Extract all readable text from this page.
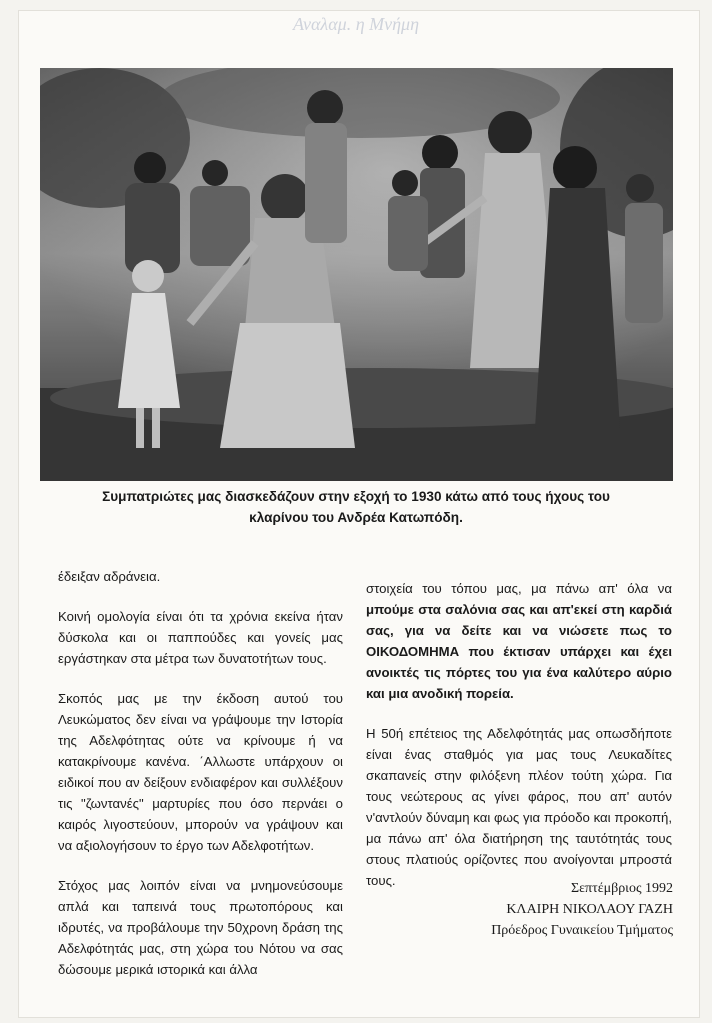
Αναλαμ. η Μνήμη
Συμπατριώτες μας διασκεδάζουν στην εξοχή το 1930 κάτω από τους ήχους του
κλαρίνου του Ανδρέα Κατωπόδη.

έδειξαν αδράνεια.

Κοινή ομολογία είναι ότι τα χρόνια εκείνα ήταν δύσκολα και οι παππούδες και γονείς μας εργάστηκαν στα μέτρα των δυνατοτήτων τους.

Σκοπός μας με την έκδοση αυτού του Λευκώματος δεν είναι να γράψουμε την Ιστορία της Αδελφότητας ούτε να κρίνουμε ή να κατακρίνουμε κανένα. ΄Αλλωστε υπάρχουν οι ειδικοί που αν δείξουν ενδιαφέρον και συλλέξουν τις "ζωντανές" μαρτυρίες που όσο περνάει ο καιρός λιγοστεύουν, μπορούν να γράψουν και να αξιολογήσουν το έργο των Αδελφοτήτων.

Στόχος μας λοιπόν είναι να μνημονεύσουμε απλά και ταπεινά τους πρωτοπόρους και ιδρυτές, να προβάλουμε την 50χρονη δράση της Αδελφότητάς μας, στη χώρα του Νότου να σας δώσουμε μερικά ιστορικά και άλλα

στοιχεία του τόπου μας, μα πάνω απ' όλα να μπούμε στα σαλόνια σας και απ'εκεί στη καρδιά σας, για να δείτε και να νιώσετε πως το ΟΙΚΟΔΟΜΗΜΑ που έκτισαν υπάρχει και έχει ανοικτές τις πόρτες του για ένα καλύτερο αύριο και μια ανοδική πορεία.

Η 50ή επέτειος της Αδελφότητάς μας οπωσδήποτε είναι ένας σταθμός για μας τους Λευκαδίτες σκαπανείς στην φιλόξενη πλέον τούτη χώρα. Για τους νεώτερους ας γίνει φάρος, που απ' αυτόν ν'αντλούν δύναμη και φως για πρόοδο και προκοπή, μα πάνω απ' όλα διατήρηση της ταυτότητάς τους στους πλατιούς ορίζοντες που ανοίγονται μπροστά τους.

Σεπτέμβριος 1992
ΚΛΑΙΡΗ ΝΙΚΟΛΑΟΥ ΓΑΖΗ
Πρόεδρος Γυναικείου Τμήματος
